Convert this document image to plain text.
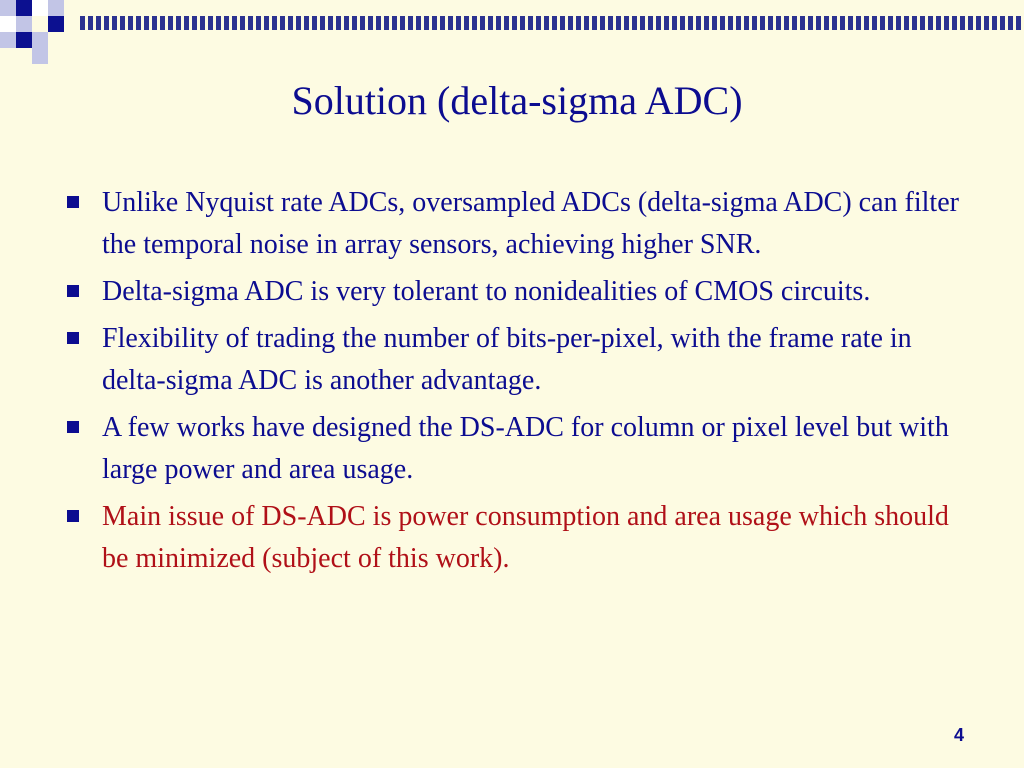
Solution (delta-sigma ADC)
Unlike Nyquist rate ADCs, oversampled ADCs (delta-sigma ADC) can filter the temporal noise in array sensors, achieving higher SNR.
Delta-sigma ADC is very tolerant to nonidealities of CMOS circuits.
Flexibility of trading the number of bits-per-pixel, with the frame rate in delta-sigma ADC is another advantage.
A few works have designed the DS-ADC for column or pixel level but with large power and area usage.
Main issue of DS-ADC is power consumption and area usage which should be minimized (subject of this work).
4
